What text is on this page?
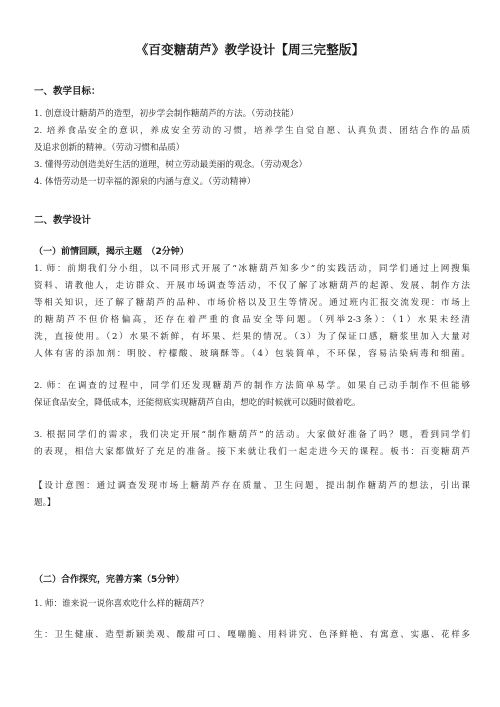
《百变糖葫芦》教学设计【周三完整版】
一、教学目标：
1. 创意设计糖葫芦的造型，初步学会制作糖葫芦的方法。（劳动技能）
2. 培养食品安全的意识，养成安全劳动的习惯，培养学生自觉自愿、认真负责、团结合作的品质
及追求创新的精神。（劳动习惯和品质）
3. 懂得劳动创造美好生活的道理，树立劳动最美丽的观念。（劳动观念）
4. 体悟劳动是一切幸福的源泉的内涵与意义。（劳动精神）
二、教学设计
（一）前情回顾，揭示主题　（2分钟）
1. 师：前期我们分小组，以不同形式开展了“冰糖葫芦知多少”的实践活动，同学们通过上网搜集
资料、请教他人，走访群众、开展市场调查等活动，不仅了解了冰糖葫芦的起源、发展、制作方法
等相关知识，还了解了糖葫芦的品种、市场价格以及卫生等情况。通过班内汇报交流发现：市场上
的糖葫芦不但价格偏高，还存在着严重的食品安全等问题。（列举2-3条）：（1）水果未经清
洗，直接使用。（2）水果不新鲜，有坏果、烂果的情况。（3）为了保证口感，糖浆里加入大量对
人体有害的添加剂：明胶、柠檬酸、玻璃酥等。（4）包装简单，不环保，容易沾染病毒和细菌。
2. 师：在调查的过程中，同学们还发现糖葫芦的制作方法简单易学。如果自己动手制作不但能够
保证食品安全，降低成本，还能彻底实现糖葫芦自由，想吃的时候就可以随时做着吃。
3. 根据同学们的需求，我们决定开展“制作糖葫芦”的活动。大家做好准备了吗？嗯，看到同学们
的表现，相信大家都做好了充足的准备。接下来就让我们一起走进今天的课程。板书：百变糖葫芦
【设计意图：通过调查发现市场上糖葫芦存在质量、卫生问题，提出制作糖葫芦的想法，引出课
题。】
（二）合作探究，完善方案（5分钟）
1. 师：谁来说一说你喜欢吃什么样的糖葫芦？
生：卫生健康、造型新颖美观、酸甜可口、嘎嘣脆、用料讲究、色泽鲜艳、有寓意、实惠、花样多
